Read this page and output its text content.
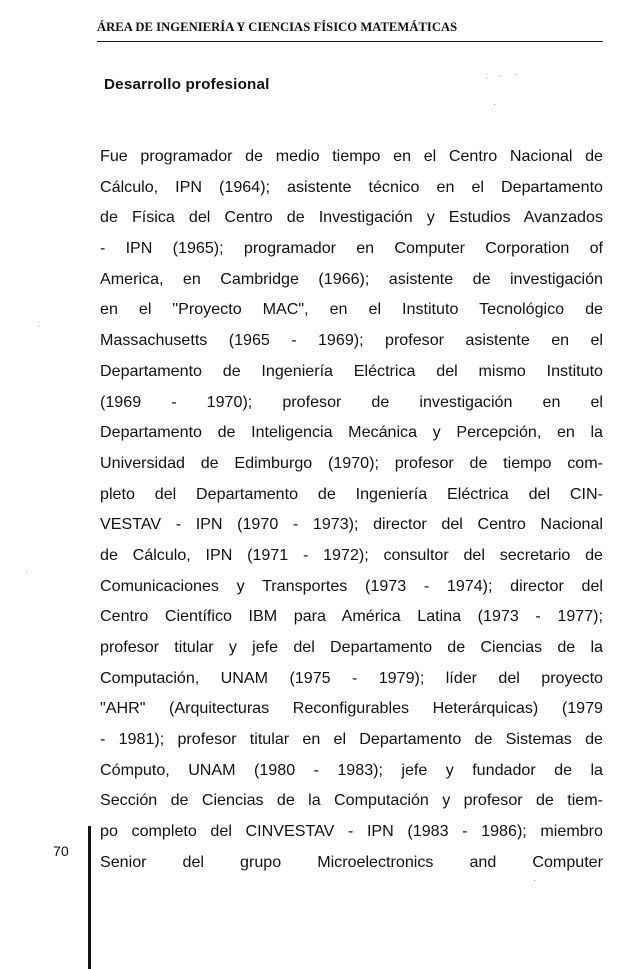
ÁREA DE INGENIERÍA Y CIENCIAS FÍSICO MATEMÁTICAS
Desarrollo profesional
Fue programador de medio tiempo en el Centro Nacional de
Cálculo, IPN (1964); asistente técnico en el Departamento
de Física del Centro de Investigación y Estudios Avanzados
- IPN (1965); programador en Computer Corporation of
America, en Cambridge (1966); asistente de investigación
en el "Proyecto MAC", en el Instituto Tecnológico de
Massachusetts (1965 - 1969); profesor asistente en el
Departamento de Ingeniería Eléctrica del mismo Instituto
(1969 - 1970); profesor de investigación en el
Departamento de Inteligencia Mecánica y Percepción, en la
Universidad de Edimburgo (1970); profesor de tiempo com-
pleto del Departamento de Ingeniería Eléctrica del CIN-
VESTAV - IPN (1970 - 1973); director del Centro Nacional
de Cálculo, IPN (1971 - 1972); consultor del secretario de
Comunicaciones y Transportes (1973 - 1974); director del
Centro Científico IBM para América Latina (1973 - 1977);
profesor titular y jefe del Departamento de Ciencias de la
Computación, UNAM (1975 - 1979); líder del proyecto
"AHR" (Arquitecturas Reconfigurables Heterárquicas) (1979
- 1981); profesor titular en el Departamento de Sistemas de
Cómputo, UNAM (1980 - 1983); jefe y fundador de la
Sección de Ciencias de la Computación y profesor de tiem-
po completo del CINVESTAV - IPN (1983 - 1986); miembro
Senior del grupo Microelectronics and Computer
70
